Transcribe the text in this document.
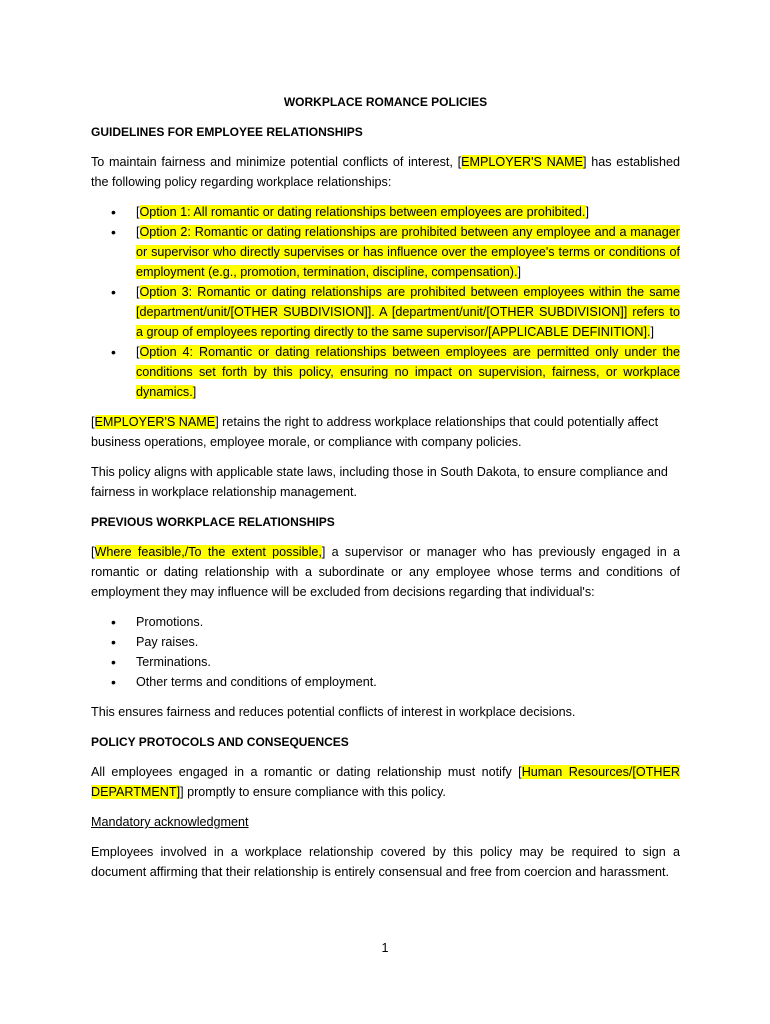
WORKPLACE ROMANCE POLICIES
GUIDELINES FOR EMPLOYEE RELATIONSHIPS

To maintain fairness and minimize potential conflicts of interest, [EMPLOYER'S NAME] has established the following policy regarding workplace relationships:

• [Option 1: All romantic or dating relationships between employees are prohibited.]
• [Option 2: Romantic or dating relationships are prohibited between any employee and a manager or supervisor who directly supervises or has influence over the employee's terms or conditions of employment (e.g., promotion, termination, discipline, compensation).]
• [Option 3: Romantic or dating relationships are prohibited between employees within the same [department/unit/[OTHER SUBDIVISION]]. A [department/unit/[OTHER SUBDIVISION]] refers to a group of employees reporting directly to the same supervisor/[APPLICABLE DEFINITION].]
• [Option 4: Romantic or dating relationships between employees are permitted only under the conditions set forth by this policy, ensuring no impact on supervision, fairness, or workplace dynamics.]

[EMPLOYER'S NAME] retains the right to address workplace relationships that could potentially affect business operations, employee morale, or compliance with company policies.

This policy aligns with applicable state laws, including those in South Dakota, to ensure compliance and fairness in workplace relationship management.

PREVIOUS WORKPLACE RELATIONSHIPS

[Where feasible,/To the extent possible,] a supervisor or manager who has previously engaged in a romantic or dating relationship with a subordinate or any employee whose terms and conditions of employment they may influence will be excluded from decisions regarding that individual's:

• Promotions.
• Pay raises.
• Terminations.
• Other terms and conditions of employment.

This ensures fairness and reduces potential conflicts of interest in workplace decisions.

POLICY PROTOCOLS AND CONSEQUENCES

All employees engaged in a romantic or dating relationship must notify [Human Resources/[OTHER DEPARTMENT]] promptly to ensure compliance with this policy.

Mandatory acknowledgment

Employees involved in a workplace relationship covered by this policy may be required to sign a document affirming that their relationship is entirely consensual and free from coercion and harassment.

1
